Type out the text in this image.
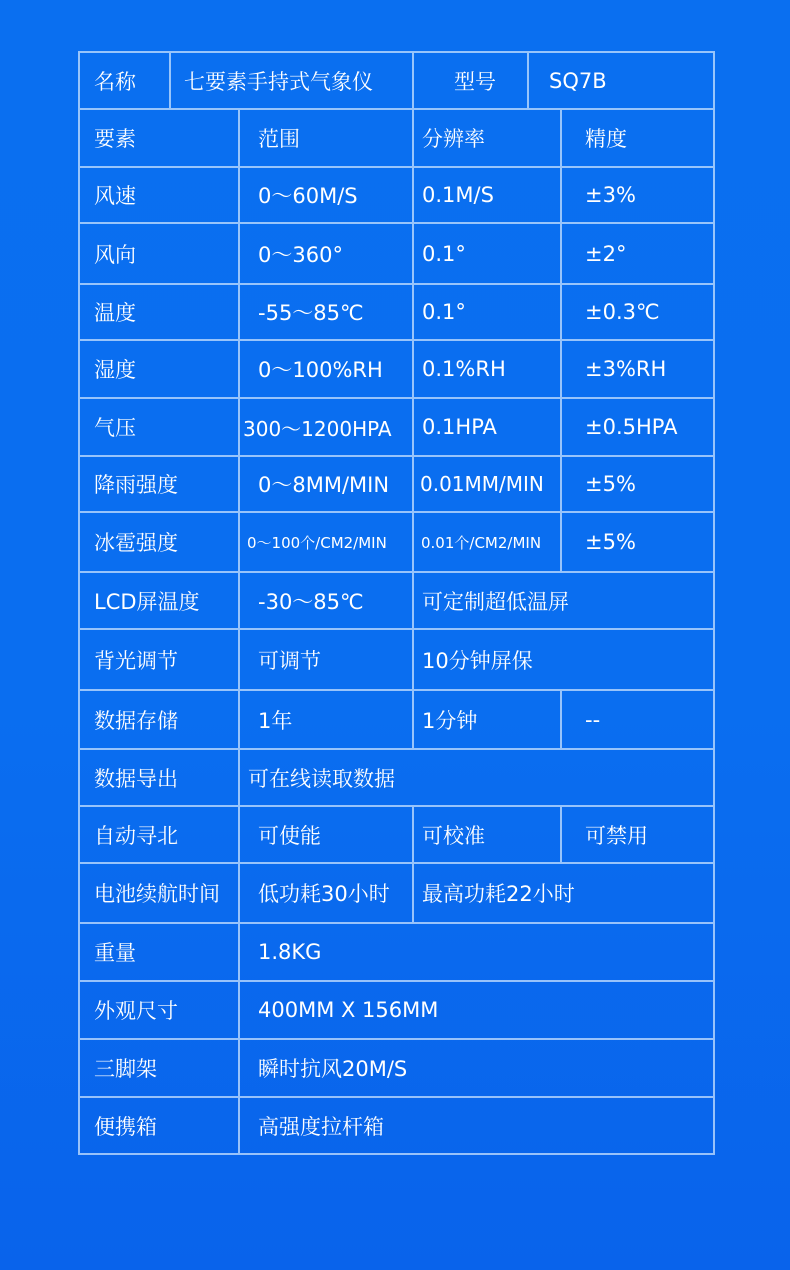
名称	七要素手持式气象仪	型号	SQ7B
要素	范围	分辨率	精度
风速	0～60M/S	0.1M/S	±3%
风向	0～360°	0.1°	±2°
温度	-55～85℃	0.1°	±0.3℃
湿度	0～100%RH	0.1%RH	±3%RH
气压	300～1200HPA	0.1HPA	±0.5HPA
降雨强度	0～8MM/MIN	0.01MM/MIN	±5%
冰雹强度	0～100个/CM2/MIN	0.01个/CM2/MIN	±5%
LCD屏温度	-30～85℃	可定制超低温屏
背光调节	可调节	10分钟屏保
数据存储	1年	1分钟	--
数据导出	可在线读取数据
自动寻北	可使能	可校准	可禁用
电池续航时间	低功耗30小时	最高功耗22小时
重量	1.8KG
外观尺寸	400MM X 156MM
三脚架	瞬时抗风20M/S
便携箱	高强度拉杆箱
